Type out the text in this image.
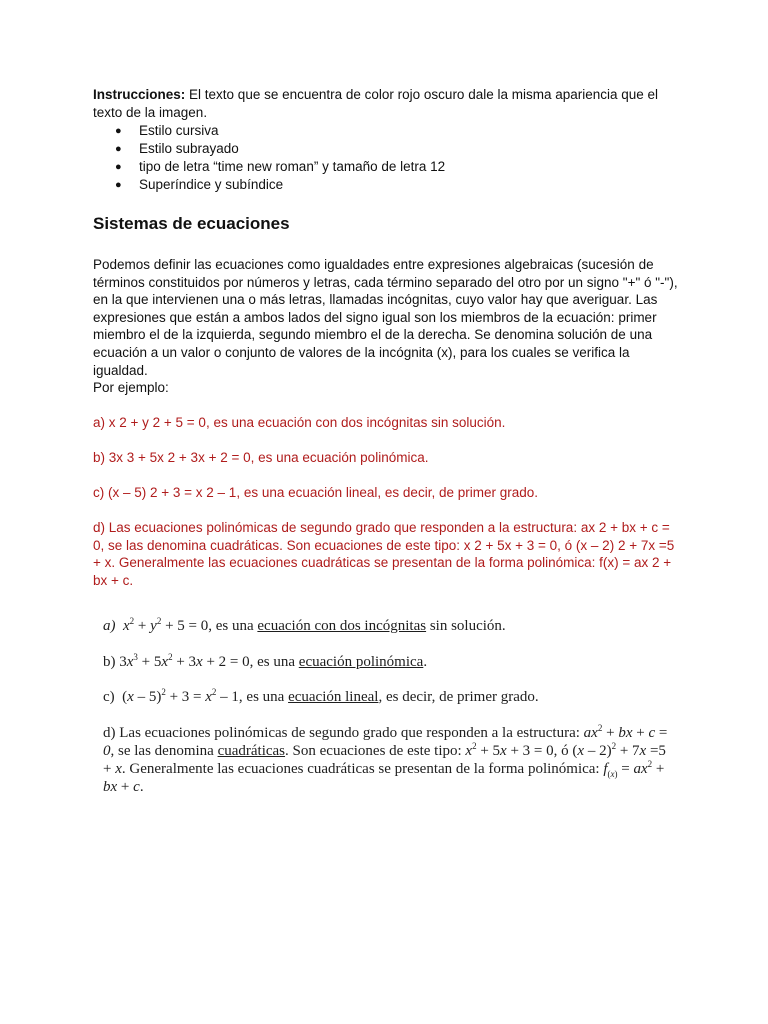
Instrucciones: El texto que se encuentra de color rojo oscuro dale la misma apariencia que el texto de la imagen.
● Estilo cursiva
● Estilo subrayado
● tipo de letra “time new roman” y tamaño de letra 12
● Superíndice y subíndice
Sistemas de ecuaciones
Podemos definir las ecuaciones como igualdades entre expresiones algebraicas (sucesión de términos constituidos por números y letras, cada término separado del otro por un signo "+" ó "-"), en la que intervienen una o más letras, llamadas incógnitas, cuyo valor hay que averiguar. Las expresiones que están a ambos lados del signo igual son los miembros de la ecuación: primer miembro el de la izquierda, segundo miembro el de la derecha. Se denomina solución de una ecuación a un valor o conjunto de valores de la incógnita (x), para los cuales se verifica la igualdad.
Por ejemplo:

a) x 2 + y 2 + 5 = 0, es una ecuación con dos incógnitas sin solución.

b) 3x 3 + 5x 2 + 3x + 2 = 0, es una ecuación polinómica.

c) (x – 5) 2 + 3 = x 2 – 1, es una ecuación lineal, es decir, de primer grado.

d) Las ecuaciones polinómicas de segundo grado que responden a la estructura: ax 2 + bx + c = 0, se las denomina cuadráticas. Son ecuaciones de este tipo: x 2 + 5x + 3 = 0, ó (x – 2) 2 + 7x =5 + x. Generalmente las ecuaciones cuadráticas se presentan de la forma polinómica: f(x) = ax 2 + bx + c.

a) $x^2 + y^2 + 5 = 0$, es una ecuación con dos incógnitas sin solución.
b) $3x^3 + 5x^2 + 3x + 2 = 0$, es una ecuación polinómica.
c)  $(x - 5)^2 + 3 = x^2 - 1$, es una ecuación lineal, es decir, de primer grado.
d) Las ecuaciones polinómicas de segundo grado que responden a la estructura: $ax^2$ + bx + c = 0, se las denomina cuadráticas. Son ecuaciones de este tipo: $x^2 + 5x + 3 = 0$, ó (x – 2)$^2$ + 7x =5 + x. Generalmente las ecuaciones cuadráticas se presentan de la forma polinómica: $f_{(x)} = ax^2$ + bx + c.
